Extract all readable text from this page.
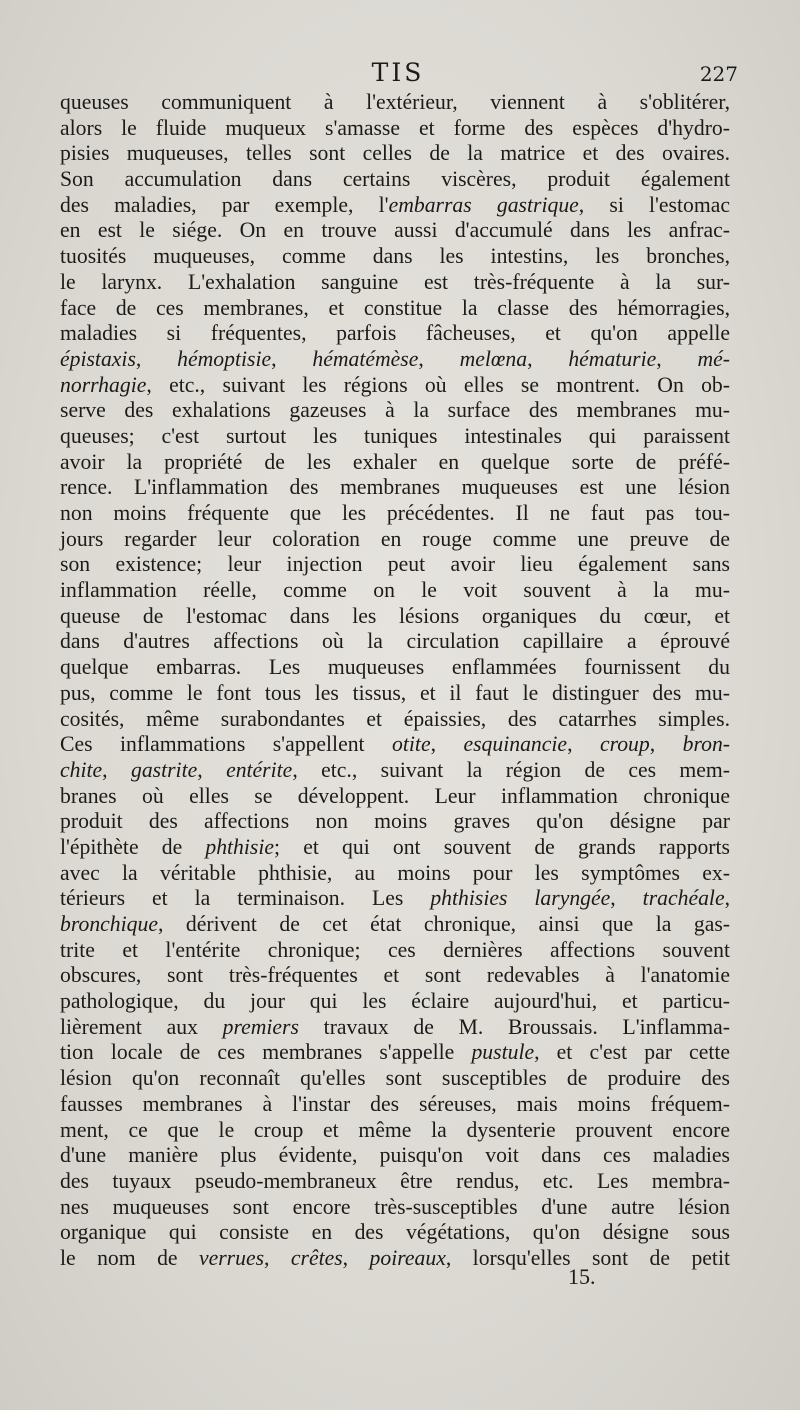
TIS	227
queuses communiquent à l'extérieur, viennent à s'oblitérer,
alors le fluide muqueux s'amasse et forme des espèces d'hydro-
pisies muqueuses, telles sont celles de la matrice et des ovaires.
Son accumulation dans certains viscères, produit également
des maladies, par exemple, l'embarras gastrique, si l'estomac
en est le siége. On en trouve aussi d'accumulé dans les anfrac-
tuosités muqueuses, comme dans les intestins, les bronches,
le larynx. L'exhalation sanguine est très-fréquente à la sur-
face de ces membranes, et constitue la classe des hémorragies,
maladies si fréquentes, parfois fâcheuses, et qu'on appelle
épistaxis, hémoptisie, hématémèse, melœna, hématurie, mé-
norrhagie, etc., suivant les régions où elles se montrent. On ob-
serve des exhalations gazeuses à la surface des membranes mu-
queuses; c'est surtout les tuniques intestinales qui paraissent
avoir la propriété de les exhaler en quelque sorte de préfé-
rence. L'inflammation des membranes muqueuses est une lésion
non moins fréquente que les précédentes. Il ne faut pas tou-
jours regarder leur coloration en rouge comme une preuve de
son existence; leur injection peut avoir lieu également sans
inflammation réelle, comme on le voit souvent à la mu-
queuse de l'estomac dans les lésions organiques du cœur, et
dans d'autres affections où la circulation capillaire a éprouvé
quelque embarras. Les muqueuses enflammées fournissent du
pus, comme le font tous les tissus, et il faut le distinguer des mu-
cosités, même surabondantes et épaissies, des catarrhes simples.
Ces inflammations s'appellent otite, esquinancie, croup, bron-
chite, gastrite, entérite, etc., suivant la région de ces mem-
branes où elles se développent. Leur inflammation chronique
produit des affections non moins graves qu'on désigne par
l'épithète de phthisie; et qui ont souvent de grands rapports
avec la véritable phthisie, au moins pour les symptômes ex-
térieurs et la terminaison. Les phthisies laryngée, trachéale,
bronchique, dérivent de cet état chronique, ainsi que la gas-
trite et l'entérite chronique; ces dernières affections souvent
obscures, sont très-fréquentes et sont redevables à l'anatomie
pathologique, du jour qui les éclaire aujourd'hui, et particu-
lièrement aux premiers travaux de M. Broussais. L'inflamma-
tion locale de ces membranes s'appelle pustule, et c'est par cette
lésion qu'on reconnaît qu'elles sont susceptibles de produire des
fausses membranes à l'instar des séreuses, mais moins fréquem-
ment, ce que le croup et même la dysenterie prouvent encore
d'une manière plus évidente, puisqu'on voit dans ces maladies
des tuyaux pseudo-membraneux être rendus, etc. Les membra-
nes muqueuses sont encore très-susceptibles d'une autre lésion
organique qui consiste en des végétations, qu'on désigne sous
le nom de verrues, crêtes, poireaux, lorsqu'elles sont de petit
15.
